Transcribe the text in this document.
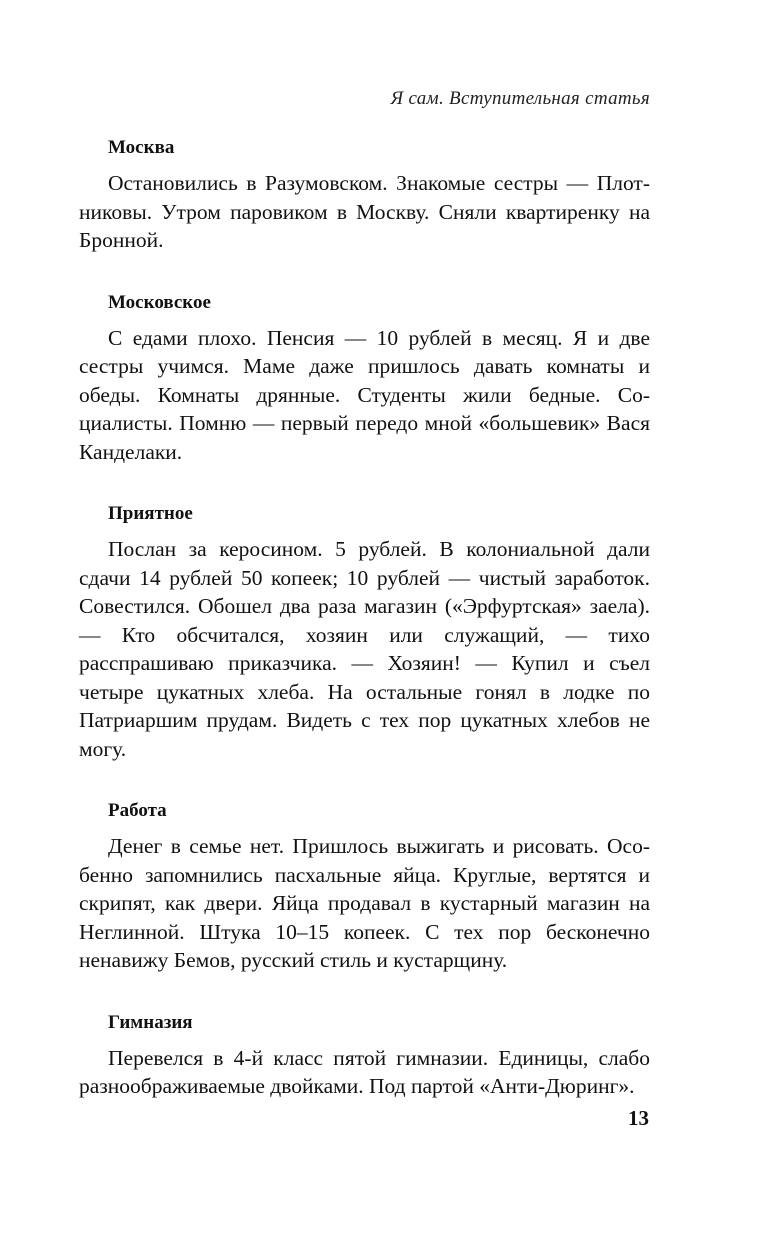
Я сам. Вступительная статья
Москва

Остановились в Разумовском. Знакомые сестры — Плотниковы. Утром паровиком в Москву. Сняли квартиренку на Бронной.

Московское

С едами плохо. Пенсия — 10 рублей в месяц. Я и две сестры учимся. Маме даже пришлось давать комнаты и обеды. Комнаты дрянные. Студенты жили бедные. Социалисты. Помню — первый передо мной «большевик» Вася Канделаки.

Приятное

Послан за керосином. 5 рублей. В колониальной дали сдачи 14 рублей 50 копеек; 10 рублей — чистый заработок. Совестился. Обошел два раза магазин («Эрфуртская» заела). — Кто обсчитался, хозяин или служащий, — тихо расспрашиваю приказчика. — Хозяин! — Купил и съел четыре цукатных хлеба. На остальные гонял в лодке по Патриаршим прудам. Видеть с тех пор цукатных хлебов не могу.

Работа

Денег в семье нет. Пришлось выжигать и рисовать. Особенно запомнились пасхальные яйца. Круглые, вертятся и скрипят, как двери. Яйца продавал в кустарный магазин на Неглинной. Штука 10–15 копеек. С тех пор бесконечно ненавижу Бемов, русский стиль и кустарщину.

Гимназия

Перевелся в 4-й класс пятой гимназии. Единицы, слабо разноображиваемые двойками. Под партой «Анти-Дюринг».

13
